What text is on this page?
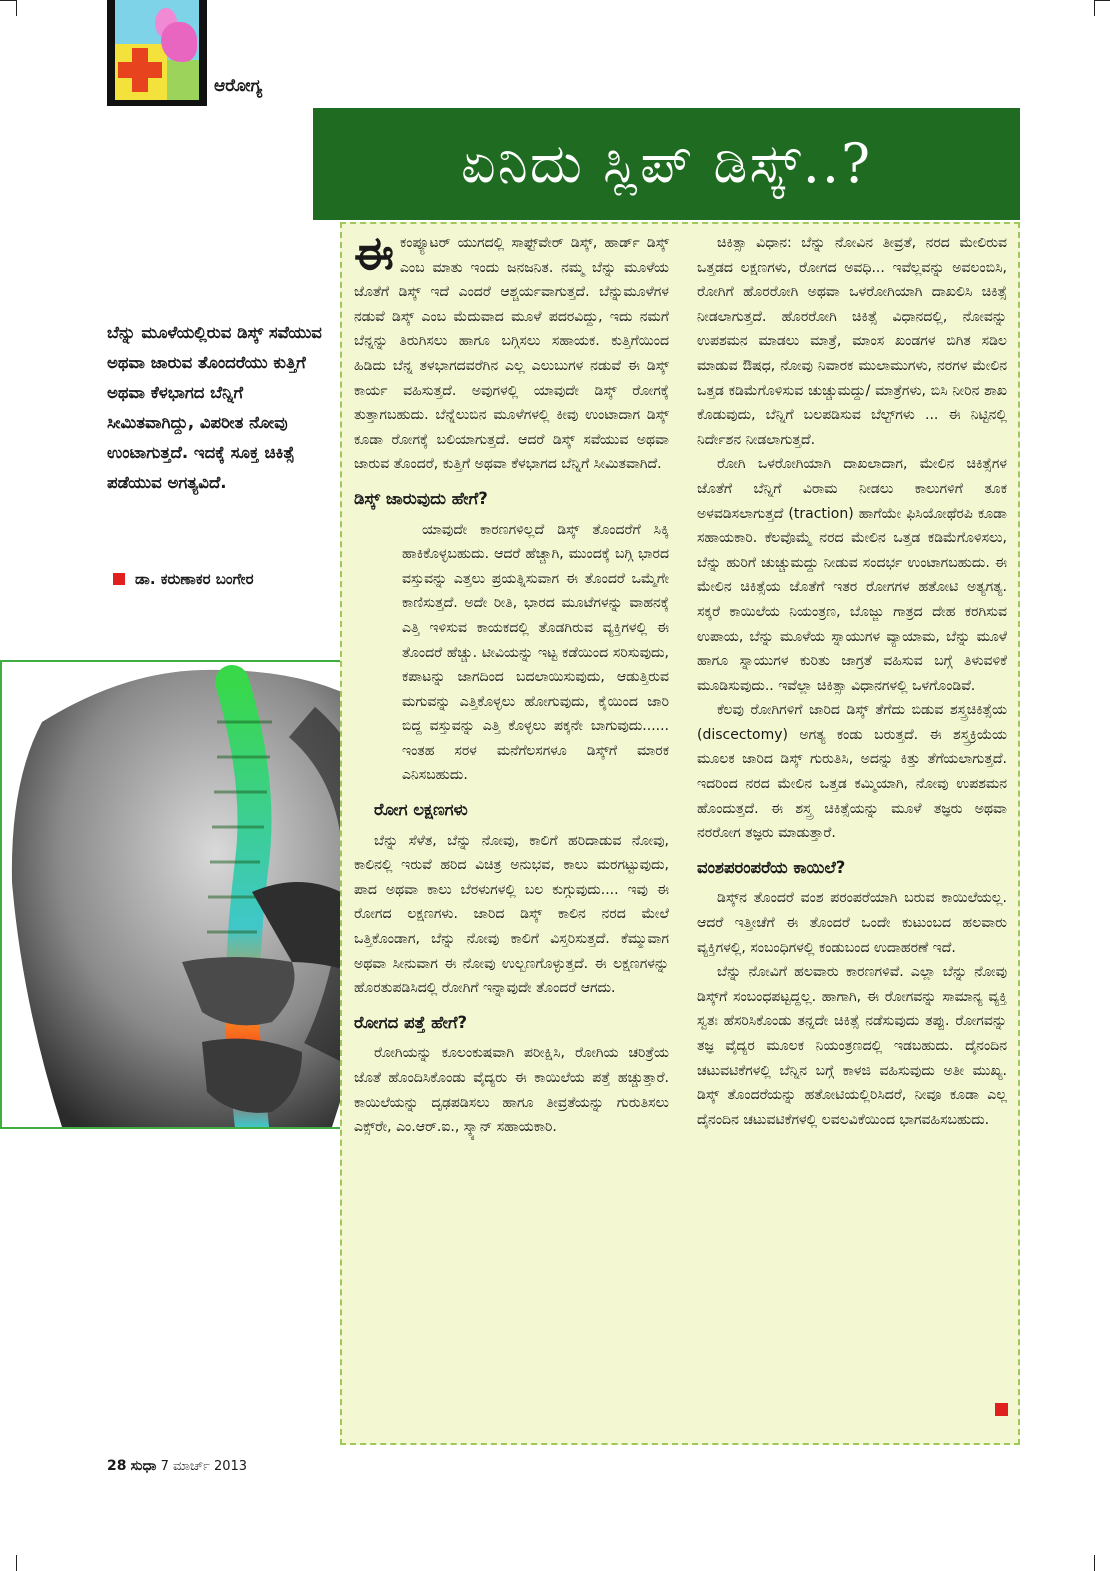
ಆರೋಗ್ಯ
ಏನಿದು ಸ್ಲಿಪ್ ಡಿಸ್ಕ್..?
ಬೆನ್ನು ಮೂಳೆಯಲ್ಲಿರುವ ಡಿಸ್ಕ್ ಸವೆಯುವ ಅಥವಾ ಜಾರುವ ತೊಂದರೆಯು ಕುತ್ತಿಗೆ ಅಥವಾ ಕೆಳಭಾಗದ ಬೆನ್ನಿಗೆ ಸೀಮಿತವಾಗಿದ್ದು, ವಿಪರೀತ ನೋವು ಉಂಟಾಗುತ್ತದೆ. ಇದಕ್ಕೆ ಸೂಕ್ತ ಚಿಕಿತ್ಸೆ ಪಡೆಯುವ ಅಗತ್ಯವಿದೆ.
ಡಾ. ಕರುಣಾಕರ ಬಂಗೇರ

ಈಕಂಪ್ಯೂಟರ್ ಯುಗದಲ್ಲಿ ಸಾಫ್ಟ್‌ವೇರ್ ಡಿಸ್ಕ್, ಹಾರ್ಡ್ ಡಿಸ್ಕ್ ಎಂಬ ಮಾತು ಇಂದು ಜನಜನಿತ. ನಮ್ಮ ಬೆನ್ನು ಮೂಳೆಯ ಜೊತೆಗೆ ಡಿಸ್ಕ್ ಇದೆ ಎಂದರೆ ಆಶ್ಚರ್ಯವಾಗುತ್ತದೆ. ಬೆನ್ನುಮೂಳೆಗಳ ನಡುವೆ ಡಿಸ್ಕ್ ಎಂಬ ಮೆದುವಾದ ಮೂಳೆ ಪದರವಿದ್ದು, ಇದು ನಮಗೆ ಬೆನ್ನನ್ನು ತಿರುಗಿಸಲು ಹಾಗೂ ಬಗ್ಗಿಸಲು ಸಹಾಯಕ. ಕುತ್ತಿಗೆಯಿಂದ ಹಿಡಿದು ಬೆನ್ನ ತಳಭಾಗದವರೆಗಿನ ಎಲ್ಲ ಎಲುಬುಗಳ ನಡುವೆ ಈ ಡಿಸ್ಕ್ ಕಾರ್ಯ ವಹಿಸುತ್ತದೆ. ಅವುಗಳಲ್ಲಿ ಯಾವುದೇ ಡಿಸ್ಕ್ ರೋಗಕ್ಕೆ ತುತ್ತಾಗಬಹುದು. ಬೆನ್ನೆಲುಬಿನ ಮೂಳೆಗಳಲ್ಲಿ ಕೀವು ಉಂಟಾದಾಗ ಡಿಸ್ಕ್ ಕೂಡಾ ರೋಗಕ್ಕೆ ಬಲಿಯಾಗುತ್ತದೆ. ಆದರೆ ಡಿಸ್ಕ್ ಸವೆಯುವ ಅಥವಾ ಜಾರುವ ತೊಂದರೆ, ಕುತ್ತಿಗೆ ಅಥವಾ ಕೆಳಭಾಗದ ಬೆನ್ನಿಗೆ ಸೀಮಿತವಾಗಿದೆ.

ಡಿಸ್ಕ್ ಜಾರುವುದು ಹೇಗೆ?

ಯಾವುದೇ ಕಾರಣಗಳಿಲ್ಲದೆ ಡಿಸ್ಕ್ ತೊಂದರೆಗೆ ಸಿಕ್ಕಿ ಹಾಕಿಕೊಳ್ಳಬಹುದು. ಆದರೆ ಹೆಚ್ಚಾಗಿ, ಮುಂದಕ್ಕೆ ಬಗ್ಗಿ ಭಾರದ ವಸ್ತುವನ್ನು ಎತ್ತಲು ಪ್ರಯತ್ನಿಸುವಾಗ ಈ ತೊಂದರೆ ಒಮ್ಮೆಗೇ ಕಾಣಿಸುತ್ತದೆ. ಅದೇ ರೀತಿ, ಭಾರದ ಮೂಟೆಗಳನ್ನು ವಾಹನಕ್ಕೆ ಎತ್ತಿ ಇಳಿಸುವ ಕಾಯಕದಲ್ಲಿ ತೊಡಗಿರುವ ವ್ಯಕ್ತಿಗಳಲ್ಲಿ ಈ ತೊಂದರೆ ಹೆಚ್ಚು. ಟೀವಿಯನ್ನು ಇಟ್ಟ ಕಡೆಯಿಂದ ಸರಿಸುವುದು, ಕಪಾಟನ್ನು ಜಾಗದಿಂದ ಬದಲಾಯಿಸುವುದು, ಆಡುತ್ತಿರುವ ಮಗುವನ್ನು ಎತ್ತಿಕೊಳ್ಳಲು ಹೋಗುವುದು, ಕೈಯಿಂದ ಜಾರಿ ಬಿದ್ದ ವಸ್ತುವನ್ನು ಎತ್ತಿ ಕೊಳ್ಳಲು ಪಕ್ಕನೇ ಬಾಗುವುದು...... ಇಂತಹ ಸರಳ ಮನೆಗೆಲಸಗಳೂ ಡಿಸ್ಕ್‌ಗೆ ಮಾರಕ ಎನಿಸಬಹುದು.

ರೋಗ ಲಕ್ಷಣಗಳು

ಬೆನ್ನು ಸೆಳೆತ, ಬೆನ್ನು ನೋವು, ಕಾಲಿಗೆ ಹರಿದಾಡುವ ನೋವು, ಕಾಲಿನಲ್ಲಿ ಇರುವೆ ಹರಿದ ವಿಚಿತ್ರ ಅನುಭವ, ಕಾಲು ಮರಗಟ್ಟುವುದು, ಪಾದ ಅಥವಾ ಕಾಲು ಬೆರಳುಗಳಲ್ಲಿ ಬಲ ಕುಗ್ಗುವುದು.... ಇವು ಈ ರೋಗದ ಲಕ್ಷಣಗಳು. ಜಾರಿದ ಡಿಸ್ಕ್ ಕಾಲಿನ ನರದ ಮೇಲೆ ಒತ್ತಿಕೊಂಡಾಗ, ಬೆನ್ನು ನೋವು ಕಾಲಿಗೆ ವಿಸ್ತರಿಸುತ್ತದೆ. ಕೆಮ್ಮುವಾಗ ಅಥವಾ ಸೀನುವಾಗ ಈ ನೋವು ಉಲ್ಬಣಗೊಳ್ಳುತ್ತದೆ. ಈ ಲಕ್ಷಣಗಳನ್ನು ಹೊರತುಪಡಿಸಿದಲ್ಲಿ ರೋಗಿಗೆ ಇನ್ನಾವುದೇ ತೊಂದರೆ ಆಗದು.

ರೋಗದ ಪತ್ತೆ ಹೇಗೆ?

ರೋಗಿಯನ್ನು ಕೂಲಂಕುಷವಾಗಿ ಪರೀಕ್ಷಿಸಿ, ರೋಗಿಯ ಚರಿತ್ರೆಯ ಜೊತೆ ಹೊಂದಿಸಿಕೊಂಡು ವೈದ್ಯರು ಈ ಕಾಯಿಲೆಯ ಪತ್ತೆ ಹಚ್ಚುತ್ತಾರೆ. ಕಾಯಿಲೆಯನ್ನು ದೃಢಪಡಿಸಲು ಹಾಗೂ ತೀವ್ರತೆಯನ್ನು ಗುರುತಿಸಲು ಎಕ್ಸ್‌ರೇ, ಎಂ.ಆರ್.ಐ., ಸ್ಕ್ಯಾನ್ ಸಹಾಯಕಾರಿ.

ಚಿಕಿತ್ಸಾ ವಿಧಾನ: ಬೆನ್ನು ನೋವಿನ ತೀವ್ರತೆ, ನರದ ಮೇಲಿರುವ ಒತ್ತಡದ ಲಕ್ಷಣಗಳು, ರೋಗದ ಅವಧಿ... ಇವೆಲ್ಲವನ್ನು ಅವಲಂಬಿಸಿ, ರೋಗಿಗೆ ಹೊರರೋಗಿ ಅಥವಾ ಒಳರೋಗಿಯಾಗಿ ದಾಖಲಿಸಿ ಚಿಕಿತ್ಸೆ ನೀಡಲಾಗುತ್ತದೆ. ಹೊರರೋಗಿ ಚಿಕಿತ್ಸೆ ವಿಧಾನದಲ್ಲಿ, ನೋವನ್ನು ಉಪಶಮನ ಮಾಡಲು ಮಾತ್ರೆ, ಮಾಂಸ ಖಂಡಗಳ ಬಿಗಿತ ಸಡಿಲ ಮಾಡುವ ಔಷಧ, ನೋವು ನಿವಾರಕ ಮುಲಾಮುಗಳು, ನರಗಳ ಮೇಲಿನ ಒತ್ತಡ ಕಡಿಮೆಗೊಳಿಸುವ ಚುಚ್ಚುಮದ್ದು/ ಮಾತ್ರೆಗಳು, ಬಿಸಿ ನೀರಿನ ಶಾಖ ಕೊಡುವುದು, ಬೆನ್ನಿಗೆ ಬಲಪಡಿಸುವ ಬೆಲ್ಟ್‌ಗಳು ... ಈ ನಿಟ್ಟಿನಲ್ಲಿ ನಿರ್ದೇಶನ ನೀಡಲಾಗುತ್ತದೆ.

ರೋಗಿ ಒಳರೋಗಿಯಾಗಿ ದಾಖಲಾದಾಗ, ಮೇಲಿನ ಚಿಕಿತ್ಸೆಗಳ ಜೊತೆಗೆ ಬೆನ್ನಿಗೆ ವಿರಾಮ ನೀಡಲು ಕಾಲುಗಳಿಗೆ ತೂಕ ಅಳವಡಿಸಲಾಗುತ್ತದೆ (traction) ಹಾಗೆಯೇ ಫಿಸಿಯೋಥೆರಪಿ ಕೂಡಾ ಸಹಾಯಕಾರಿ. ಕೆಲವೊಮ್ಮೆ ನರದ ಮೇಲಿನ ಒತ್ತಡ ಕಡಿಮೆಗೊಳಿಸಲು, ಬೆನ್ನು ಹುರಿಗೆ ಚುಚ್ಚುಮದ್ದು ನೀಡುವ ಸಂದರ್ಭ ಉಂಟಾಗಬಹುದು. ಈ ಮೇಲಿನ ಚಿಕಿತ್ಸೆಯ ಜೊತೆಗೆ ಇತರ ರೋಗಗಳ ಹತೋಟಿ ಅತ್ಯಗತ್ಯ. ಸಕ್ಕರೆ ಕಾಯಿಲೆಯ ನಿಯಂತ್ರಣ, ಬೊಜ್ಜು ಗಾತ್ರದ ದೇಹ ಕರಗಿಸುವ ಉಪಾಯ, ಬೆನ್ನು ಮೂಳೆಯ ಸ್ನಾಯುಗಳ ವ್ಯಾಯಾಮ, ಬೆನ್ನು ಮೂಳೆ ಹಾಗೂ ಸ್ನಾಯುಗಳ ಕುರಿತು ಜಾಗ್ರತೆ ವಹಿಸುವ ಬಗ್ಗೆ ತಿಳುವಳಿಕೆ ಮೂಡಿಸುವುದು.. ಇವೆಲ್ಲಾ ಚಿಕಿತ್ಸಾ ವಿಧಾನಗಳಲ್ಲಿ ಒಳಗೊಂಡಿವೆ.

ಕೆಲವು ರೋಗಿಗಳಿಗೆ ಜಾರಿದ ಡಿಸ್ಕ್ ತೆಗೆದು ಬಿಡುವ ಶಸ್ತ್ರಚಿಕಿತ್ಸೆಯ (discectomy) ಅಗತ್ಯ ಕಂಡು ಬರುತ್ತದೆ. ಈ ಶಸ್ತ್ರಕ್ರಿಯೆಯ ಮೂಲಕ ಜಾರಿದ ಡಿಸ್ಕ್ ಗುರುತಿಸಿ, ಅದನ್ನು ಕಿತ್ತು ತೆಗೆಯಲಾಗುತ್ತದೆ. ಇದರಿಂದ ನರದ ಮೇಲಿನ ಒತ್ತಡ ಕಮ್ಮಿಯಾಗಿ, ನೋವು ಉಪಶಮನ ಹೊಂದುತ್ತದೆ. ಈ ಶಸ್ತ್ರ ಚಿಕಿತ್ಸೆಯನ್ನು ಮೂಳೆ ತಜ್ಞರು ಅಥವಾ ನರರೋಗ ತಜ್ಞರು ಮಾಡುತ್ತಾರೆ.

ವಂಶಪರಂಪರೆಯ ಕಾಯಿಲೆ?

ಡಿಸ್ಕ್‌ನ ತೊಂದರೆ ವಂಶ ಪರಂಪರೆಯಾಗಿ ಬರುವ ಕಾಯಿಲೆಯಲ್ಲ. ಆದರೆ ಇತ್ತೀಚೆಗೆ ಈ ತೊಂದರೆ ಒಂದೇ ಕುಟುಂಬದ ಹಲವಾರು ವ್ಯಕ್ತಿಗಳಲ್ಲಿ, ಸಂಬಂಧಿಗಳಲ್ಲಿ ಕಂಡುಬಂದ ಉದಾಹರಣೆ ಇದೆ.

ಬೆನ್ನು ನೋವಿಗೆ ಹಲವಾರು ಕಾರಣಗಳಿವೆ. ಎಲ್ಲಾ ಬೆನ್ನು ನೋವು ಡಿಸ್ಕ್‌ಗೆ ಸಂಬಂಧಪಟ್ಟದ್ದಲ್ಲ. ಹಾಗಾಗಿ, ಈ ರೋಗವನ್ನು ಸಾಮಾನ್ಯ ವ್ಯಕ್ತಿ ಸ್ವತಃ ಹೆಸರಿಸಿಕೊಂಡು ತನ್ನದೇ ಚಿಕಿತ್ಸೆ ನಡೆಸುವುದು ತಪ್ಪು. ರೋಗವನ್ನು ತಜ್ಞ ವೈದ್ಯರ ಮೂಲಕ ನಿಯಂತ್ರಣದಲ್ಲಿ ಇಡಬಹುದು. ದೈನಂದಿನ ಚಟುವಟಿಕೆಗಳಲ್ಲಿ ಬೆನ್ನಿನ ಬಗ್ಗೆ ಕಾಳಜಿ ವಹಿಸುವುದು ಅತೀ ಮುಖ್ಯ. ಡಿಸ್ಕ್ ತೊಂದರೆಯನ್ನು ಹತೋಟಿಯಲ್ಲಿರಿಸಿದರೆ, ನೀವೂ ಕೂಡಾ ಎಲ್ಲ ದೈನಂದಿನ ಚಟುವಟಿಕೆಗಳಲ್ಲಿ ಲವಲವಿಕೆಯಿಂದ ಭಾಗವಹಿಸಬಹುದು.

28 ಸುಧಾ 7 ಮಾರ್ಚ್ 2013
